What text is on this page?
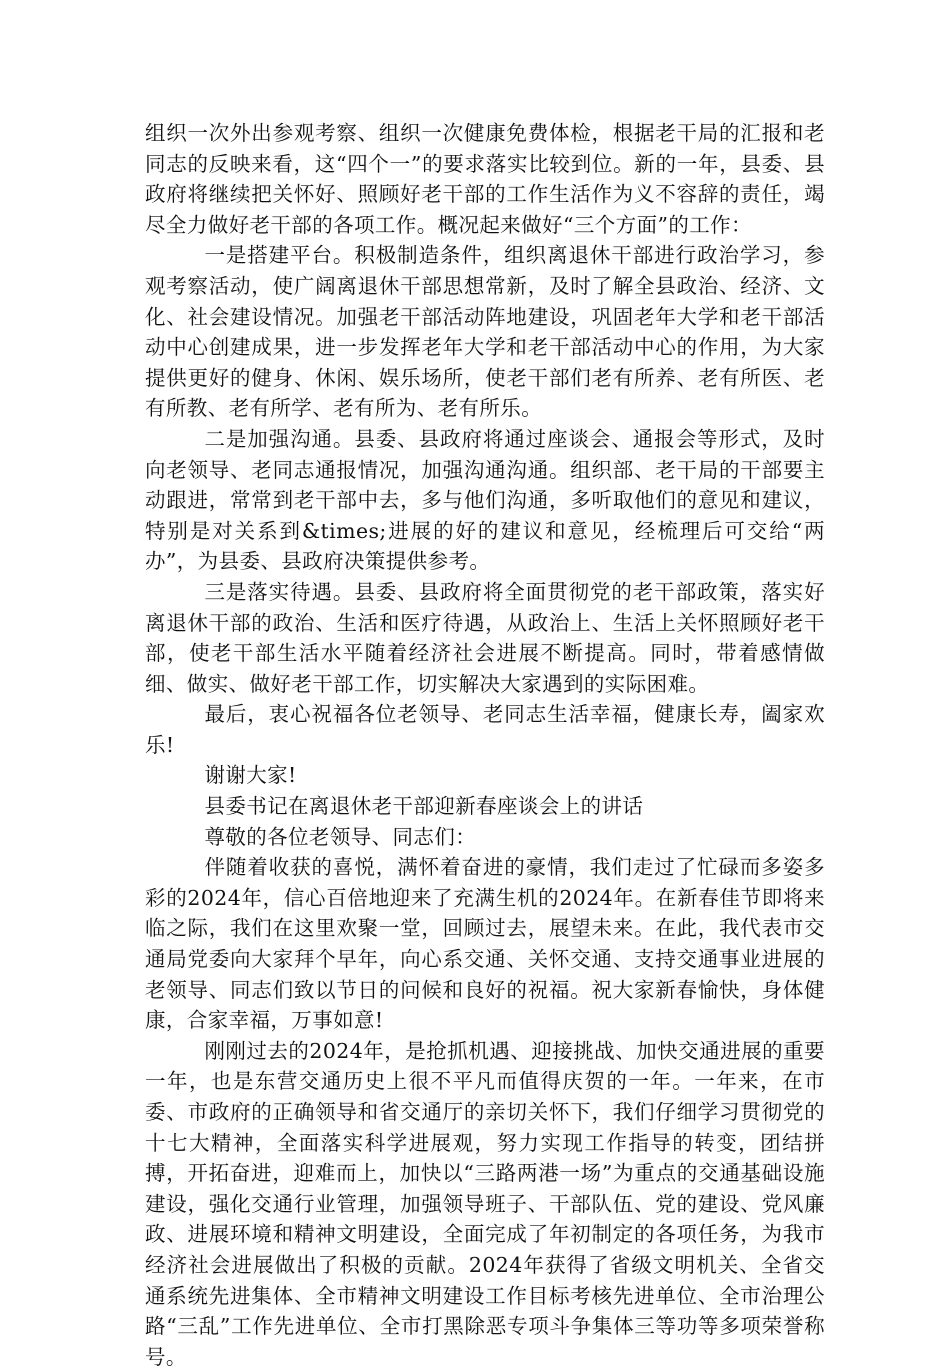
组织一次外出参观考察、组织一次健康免费体检，根据老干局的汇报和老同志的反映来看，这“四个一”的要求落实比较到位。新的一年，县委、县政府将继续把关怀好、照顾好老干部的工作生活作为义不容辞的责任，竭尽全力做好老干部的各项工作。概况起来做好“三个方面”的工作：

一是搭建平台。积极制造条件，组织离退休干部进行政治学习，参观考察活动，使广阔离退休干部思想常新，及时了解全县政治、经济、文化、社会建设情况。加强老干部活动阵地建设，巩固老年大学和老干部活动中心创建成果，进一步发挥老年大学和老干部活动中心的作用，为大家提供更好的健身、休闲、娱乐场所，使老干部们老有所养、老有所医、老有所教、老有所学、老有所为、老有所乐。

二是加强沟通。县委、县政府将通过座谈会、通报会等形式，及时向老领导、老同志通报情况，加强沟通沟通。组织部、老干局的干部要主动跟进，常常到老干部中去，多与他们沟通，多听取他们的意见和建议，特别是对关系到&times;进展的好的建议和意见，经梳理后可交给“两办”，为县委、县政府决策提供参考。

三是落实待遇。县委、县政府将全面贯彻党的老干部政策，落实好离退休干部的政治、生活和医疗待遇，从政治上、生活上关怀照顾好老干部，使老干部生活水平随着经济社会进展不断提高。同时，带着感情做细、做实、做好老干部工作，切实解决大家遇到的实际困难。

最后，衷心祝福各位老领导、老同志生活幸福，健康长寿，阖家欢乐!

谢谢大家!

县委书记在离退休老干部迎新春座谈会上的讲话

尊敬的各位老领导、同志们：

伴随着收获的喜悦，满怀着奋进的豪情，我们走过了忙碌而多姿多彩的2024年，信心百倍地迎来了充满生机的2024年。在新春佳节即将来临之际，我们在这里欢聚一堂，回顾过去，展望未来。在此，我代表市交通局党委向大家拜个早年，向心系交通、关怀交通、支持交通事业进展的老领导、同志们致以节日的问候和良好的祝福。祝大家新春愉快，身体健康，合家幸福，万事如意!

刚刚过去的2024年，是抢抓机遇、迎接挑战、加快交通进展的重要一年，也是东营交通历史上很不平凡而值得庆贺的一年。一年来，在市委、市政府的正确领导和省交通厅的亲切关怀下，我们仔细学习贯彻党的十七大精神，全面落实科学进展观，努力实现工作指导的转变，团结拼搏，开拓奋进，迎难而上，加快以“三路两港一场”为重点的交通基础设施建设，强化交通行业管理，加强领导班子、干部队伍、党的建设、党风廉政、进展环境和精神文明建设，全面完成了年初制定的各项任务，为我市经济社会进展做出了积极的贡献。2024年获得了省级文明机关、全省交通系统先进集体、全市精神文明建设工作目标考核先进单位、全市治理公路“三乱”工作先进单位、全市打黑除恶专项斗争集体三等功等多项荣誉称号。
